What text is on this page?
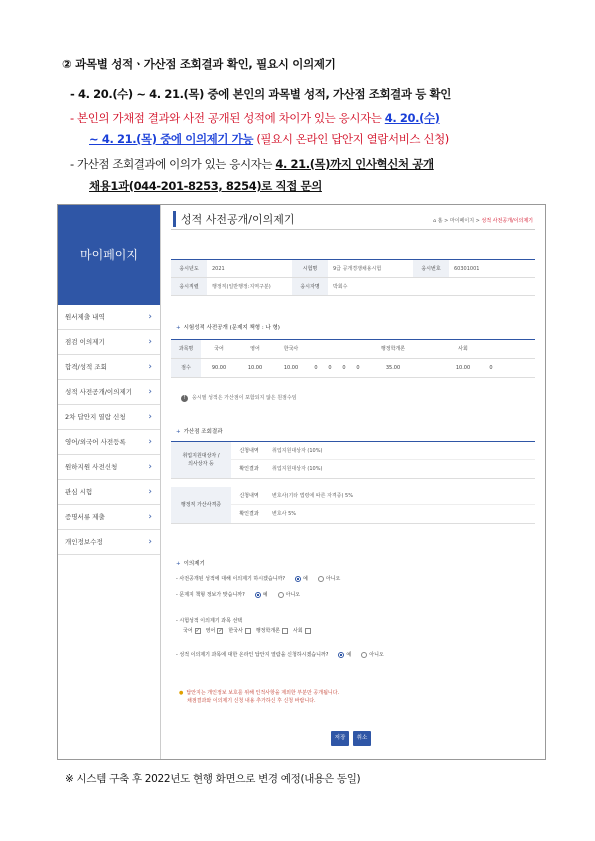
② 과목별 성적ㆍ가산점 조회결과 확인, 필요시 이의제기
- 4. 20.(수) ~ 4. 21.(목) 중에 본인의 과목별 성적, 가산점 조회결과 등 확인
- 본인의 가채점 결과와 사전 공개된 성적에 차이가 있는 응시자는 4. 20.(수)
~ 4. 21.(목) 중에 이의제기 가능 (필요시 온라인 답안지 열람서비스 신청)
- 가산점 조회결과에 이의가 있는 응시자는 4. 21.(목)까지 인사혁신처 공개
채용1과(044-201-8253, 8254)로 직접 문의
마이페이지
원서제출 내역	›
점검 이의제기	›
합격/성적 조회	›
성적 사전공개/이의제기 ›
2차 답안지 열람 신청	›
영어/외국어 사전등록	›
원하지원 사전신청	›
관심 시험	›
증명서류 제출	›
개인정보수정	›
성적 사전공개/이의제기	⌂ 홈 > 마이페이지 > 성적 사전공개/이의제기
응시년도	2021	시험명	9급 공개경쟁채용시험	응시번호	60301001
응시직렬	행정직(일반행정:지역구분)	응시자명	박회수
+ 시험성적 사전공개 (문제지 책형 : 나 형)
과목명	국어	영어	한국사	행정학개론	사회
점수	90.00	10.00	10.00	0	0	0	0	35.00	10.00	0
! 응시필 성적은 가산점이 포함되지 않은 원점수임
+ 가산점 조회결과
취업지원대상자 /
의사상자 등
신청내역	취업지원대상자 (10%)
확인결과	취업지원대상자 (10%)
행정직 가산사격증
신청내역	변호사(기타 법령에 따른 자격증) 5%
확인결과	변호사 5%
+ 이의제기
- 사전공개된 성적에 대해 이의제기 하시겠습니까?	예	아니오
- 문제지 책형 정보가 맞습니까?	예	아니오
- 시험성적 이의제기 과목 선택
국어 ✓ 영어 ✓ 한국사	행정학개론	사회
- 성적 이의제기 과목에 대한 온라인 답안지 열람을 신청하시겠습니까?	예	아니오
● 답안지는 개인정보 보호를 위해 인적사항을 제외한 부분만 공개됩니다.
채점결과와 이의제기 신청 내용 추가하신 후 신청 바랍니다.
저장	취소
※ 시스템 구축 후 2022년도 현행 화면으로 변경 예정(내용은 동일)
